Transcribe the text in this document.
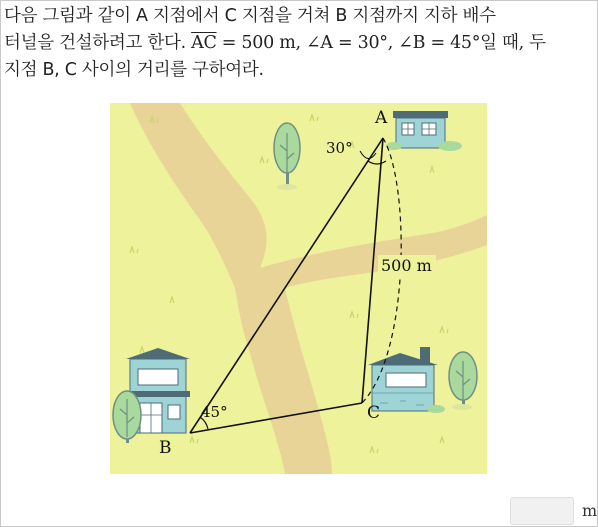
다음 그림과 같이 A 지점에서 C 지점을 거쳐 B 지점까지 지하 배수
터널을 건설하려고 한다. $\overline{AC} = 500$ m, ∠A = 30°, ∠B = 45°일 때, 두
지점 B, C 사이의 거리를 구하여라.
A
B
C
30°
45°
500 m
m
